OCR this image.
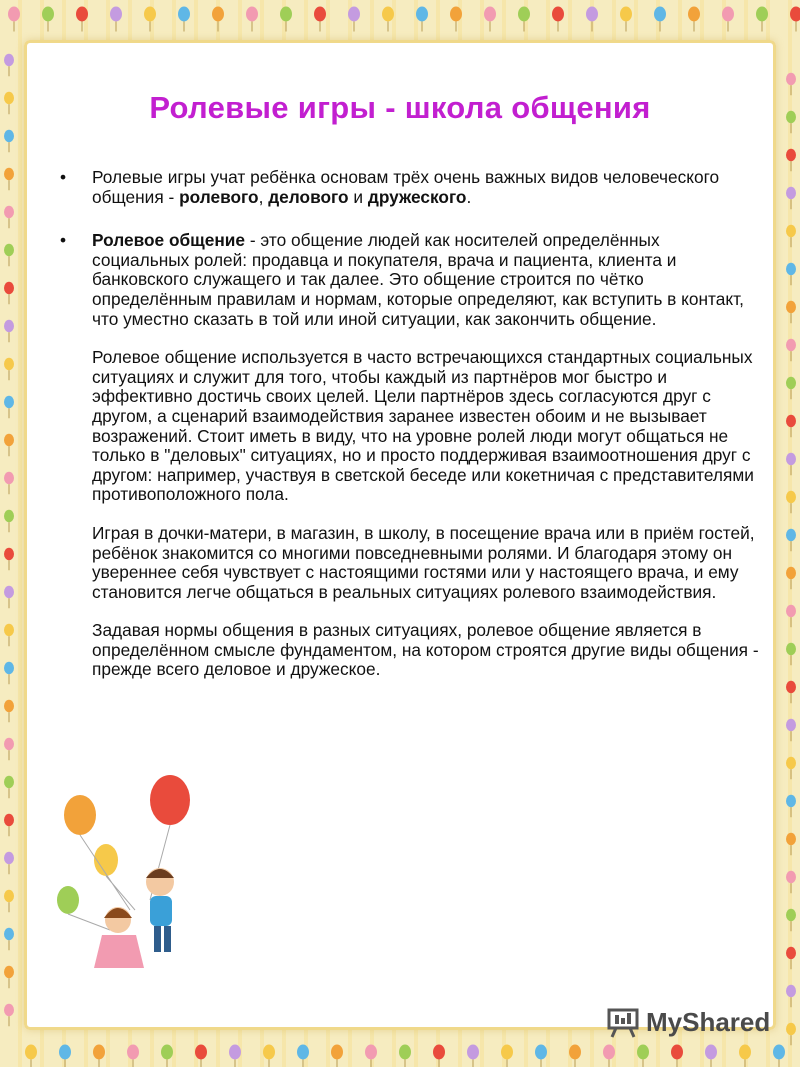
Ролевые игры - школа общения
•	Ролевые игры учат ребёнка основам трёх очень важных видов человеческого общения - ролевого, делового и дружеского.
•	Ролевое общение - это общение людей как носителей определённых социальных ролей: продавца и покупателя, врача и пациента, клиента и банковского служащего и так далее. Это общение строится по чётко определённым правилам и нормам, которые определяют, как вступить в контакт, что уместно сказать в той или иной ситуации, как закончить общение.
Ролевое общение используется в часто встречающихся стандартных социальных ситуациях и служит для того, чтобы каждый из партнёров мог быстро и эффективно достичь своих целей. Цели партнёров здесь согласуются друг с другом, а сценарий взаимодействия заранее известен обоим и не вызывает возражений. Стоит иметь в виду, что на уровне ролей люди могут общаться не только в "деловых" ситуациях, но и просто поддерживая взаимоотношения друг с другом: например, участвуя в светской беседе или кокетничая с представителями противоположного пола.
Играя в дочки-матери, в магазин, в школу, в посещение врача или в приём гостей, ребёнок знакомится со многими повседневными ролями. И благодаря этому он увереннее себя чувствует с настоящими гостями или у настоящего врача, и ему становится легче общаться в реальных ситуациях ролевого взаимодействия.
Задавая нормы общения в разных ситуациях, ролевое общение является в определённом смысле фундаментом, на котором строятся другие виды общения - прежде всего деловое и дружеское.
MyShared
